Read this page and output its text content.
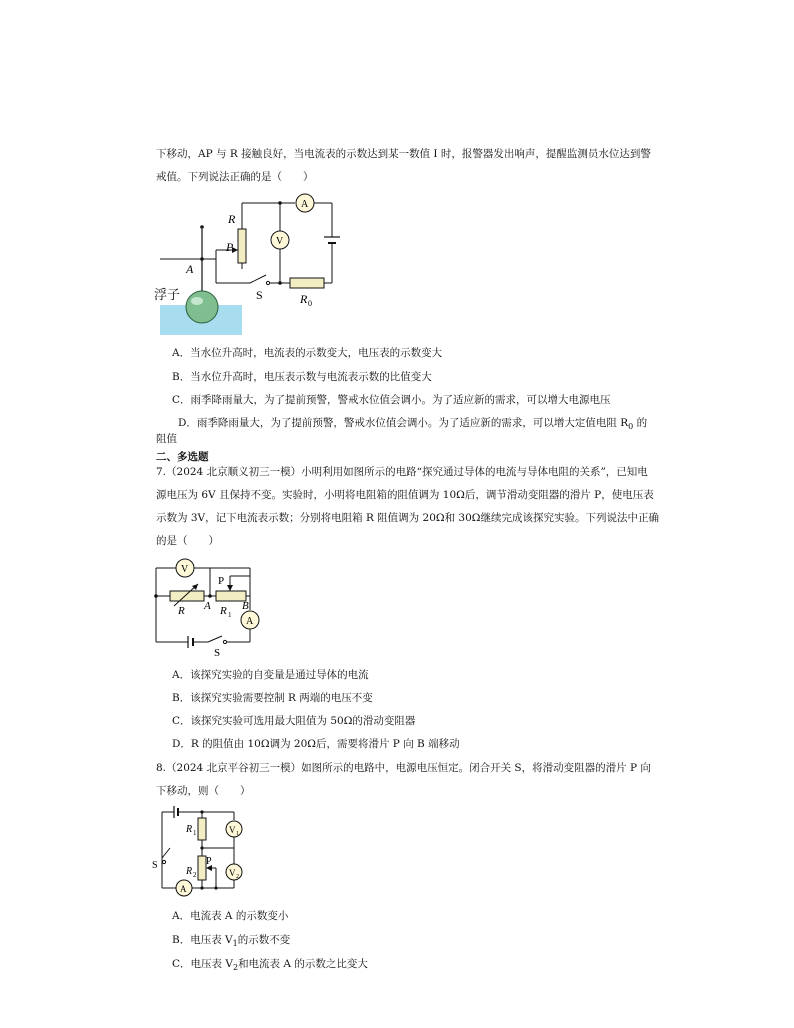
下移动，AP 与 R 接触良好，当电流表的示数达到某一数值 I 时，报警器发出响声，提醒监测员水位达到警
戒值。下列说法正确的是（　　）
浮子
A
P
R
A
V
S	R 0
A．当水位升高时，电流表的示数变大，电压表的示数变大
B．当水位升高时，电压表示数与电流表示数的比值变大
C．雨季降雨量大，为了提前预警，警戒水位值会调小。为了适应新的需求，可以增大电源电压
D．雨季降雨量大，为了提前预警，警戒水位值会调小。为了适应新的需求，可以增大定值电阻 $R_0$ 的
阻值
二、多选题
7.（2024 北京顺义初三一模）小明利用如图所示的电路“探究通过导体的电流与导体电阻的关系”，已知电
源电压为 6V 且保持不变。实验时，小明将电阻箱的阻值调为 10Ω后，调节滑动变阻器的滑片 P，使电压表
示数为 3V，记下电流表示数；分别将电阻箱 R 阻值调为 20Ω和 30Ω继续完成该探究实验。下列说法中正确
的是（　　）
V
R A R 1
B
P
A
S
A．该探究实验的自变量是通过导体的电流
B．该探究实验需要控制 R 两端的电压不变
C．该探究实验可选用最大阻值为 50Ω的滑动变阻器
D．R 的阻值由 10Ω调为 20Ω后，需要将滑片 P 向 B 端移动
8.（2024 北京平谷初三一模）如图所示的电路中，电源电压恒定。闭合开关 S，将滑动变阻器的滑片 P 向
下移动，则（　　）
R 1	V 1
R 2
P
V 2
S
A
A．电流表 A 的示数变小
B．电压表 $V_1$的示数不变
C．电压表 $V_2$和电流表 A 的示数之比变大
